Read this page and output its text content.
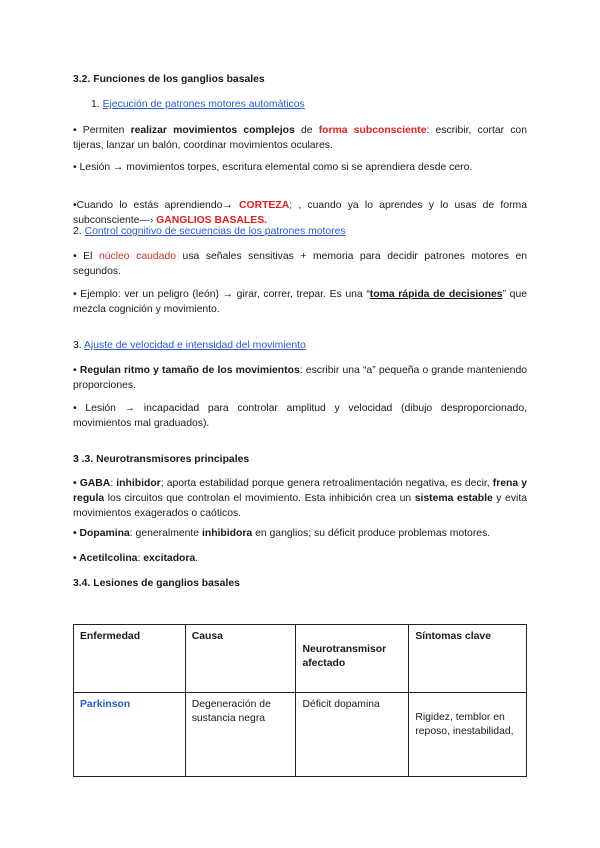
3.2. Funciones de los ganglios basales

1. Ejecución de patrones motores automáticos

• Permiten realizar movimientos complejos de forma subconsciente: escribir, cortar con tijeras, lanzar un balón, coordinar movimientos oculares.

• Lesión → movimientos torpes, escritura elemental como si se aprendiera desde cero.

•Cuando lo estás aprendiendo→ CORTEZA; , cuando ya lo aprendes y lo usas de forma subconsciente—› GANGLIOS BASALES.

2. Control cognitivo de secuencias de los patrones motores

• El núcleo caudado usa señales sensitivas + memoria para decidir patrones motores en segundos.

• Ejemplo: ver un peligro (león) → girar, correr, trepar. Es una “toma rápida de decisiones” que mezcla cognición y movimiento.

3. Ajuste de velocidad e intensidad del movimiento

• Regulan ritmo y tamaño de los movimientos: escribir una “a” pequeña o grande manteniendo proporciones.

• Lesión → incapacidad para controlar amplitud y velocidad (dibujo desproporcionado, movimientos mal graduados).

3 .3. Neurotransmisores principales

• GABA: inhibidor; aporta estabilidad porque genera retroalimentación negativa, es decir, frena y regula los circuitos que controlan el movimiento. Esta inhibición crea un sistema estable y evita movimientos exagerados o caóticos.

• Dopamina: generalmente inhibidora en ganglios; su déficit produce problemas motores.

• Acetilcolina: excitadora.

3.4. Lesiones de ganglios basales

Enfermedad	Causa	Neurotransmisor afectado	Síntomas clave
Parkinson	Degeneración de sustancia negra	Déficit dopamina	Rigidez, temblor en reposo, inestabilidad,
